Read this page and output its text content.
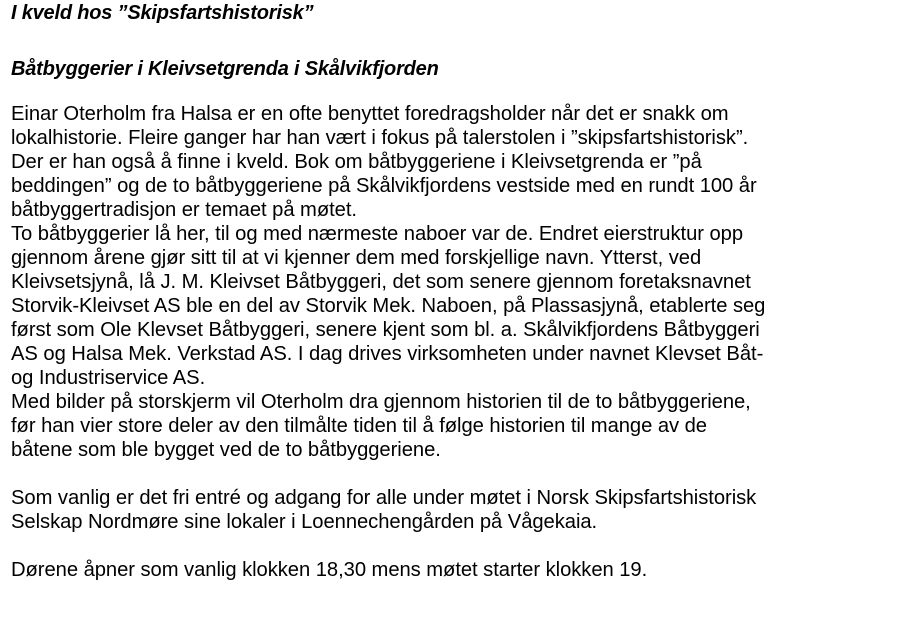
I kveld hos ”Skipsfartshistorisk”
Båtbyggerier i Kleivsetgrenda i Skålvikfjorden
Einar Oterholm fra Halsa er en ofte benyttet foredragsholder når det er snakk om
lokalhistorie. Fleire ganger har han vært i fokus på talerstolen i ”skipsfartshistorisk”.
Der er han også å finne i kveld. Bok om båtbyggeriene i Kleivsetgrenda er ”på
beddingen” og de to båtbyggeriene på Skålvikfjordens vestside med en rundt 100 år
båtbyggertradisjon er temaet på møtet.
To båtbyggerier lå her, til og med nærmeste naboer var de. Endret eierstruktur opp
gjennom årene gjør sitt til at vi kjenner dem med forskjellige navn. Ytterst, ved
Kleivsetsjynå, lå J. M. Kleivset Båtbyggeri, det som senere gjennom foretaksnavnet
Storvik-Kleivset AS ble en del av Storvik Mek. Naboen, på Plassasjynå, etablerte seg
først som Ole Klevset Båtbyggeri, senere kjent som bl. a. Skålvikfjordens Båtbyggeri
AS og Halsa Mek. Verkstad AS. I dag drives virksomheten under navnet Klevset Båt-
og Industriservice AS.
Med bilder på storskjerm vil Oterholm dra gjennom historien til de to båtbyggeriene,
før han vier store deler av den tilmålte tiden til å følge historien til mange av de
båtene som ble bygget ved de to båtbyggeriene.
Som vanlig er det fri entré og adgang for alle under møtet i Norsk Skipsfartshistorisk
Selskap Nordmøre sine lokaler i Loennechengården på Vågekaia.
Dørene åpner som vanlig klokken 18,30 mens møtet starter klokken 19.
